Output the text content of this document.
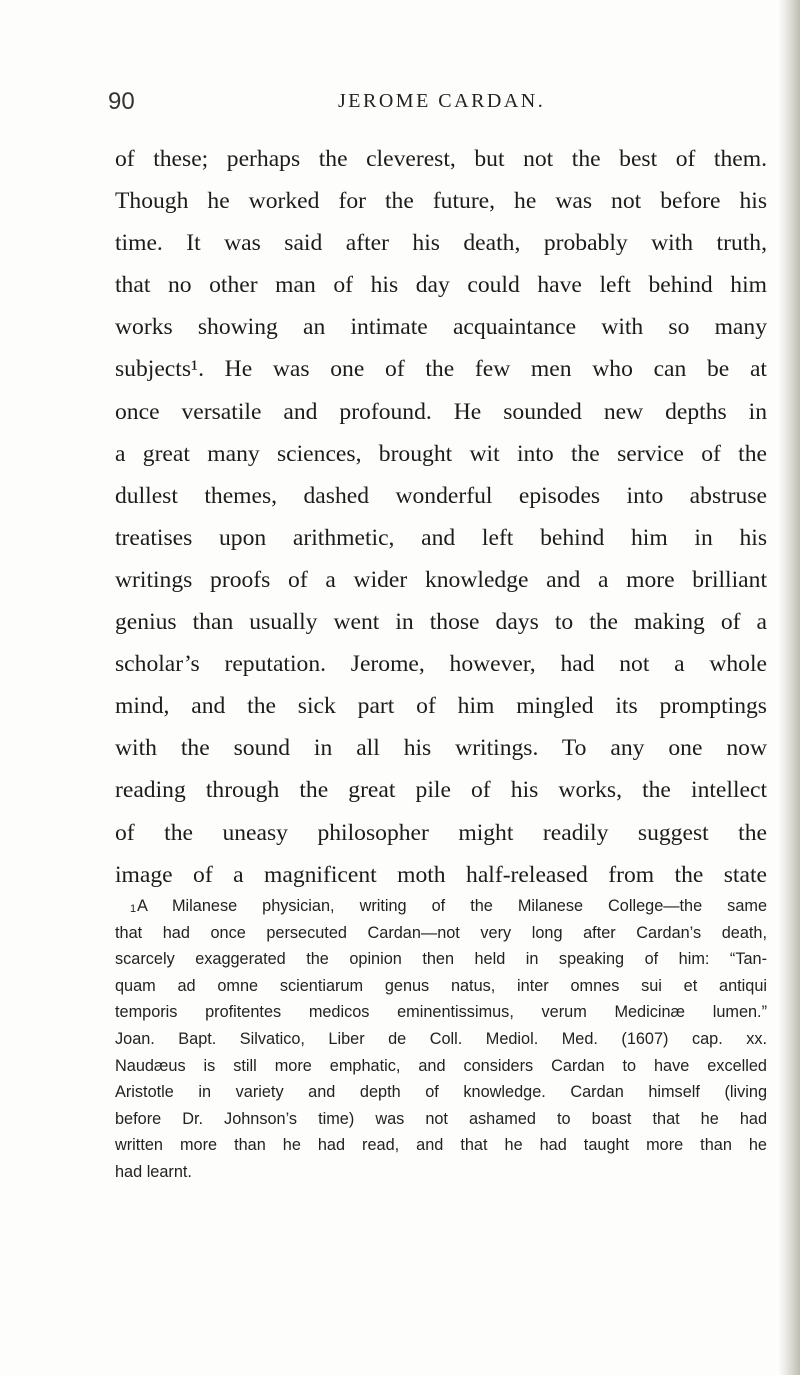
90	JEROME CARDAN.
of these; perhaps the cleverest, but not the best of them.
Though he worked for the future, he was not before his
time. It was said after his death, probably with truth,
that no other man of his day could have left behind him
works showing an intimate acquaintance with so many
subjects¹. He was one of the few men who can be at
once versatile and profound. He sounded new depths in
a great many sciences, brought wit into the service of the
dullest themes, dashed wonderful episodes into abstruse
treatises upon arithmetic, and left behind him in his
writings proofs of a wider knowledge and a more brilliant
genius than usually went in those days to the making of a
scholar’s reputation. Jerome, however, had not a whole
mind, and the sick part of him mingled its promptings
with the sound in all his writings. To any one now
reading through the great pile of his works, the intellect
of the uneasy philosopher might readily suggest the
image of a magnificent moth half-released from the state
1 A Milanese physician, writing of the Milanese College—the same
that had once persecuted Cardan—not very long after Cardan’s death,
scarcely exaggerated the opinion then held in speaking of him: “Tan-
quam ad omne scientiarum genus natus, inter omnes sui et antiqui
temporis profitentes medicos eminentissimus, verum Medicinæ lumen.”
Joan. Bapt. Silvatico, Liber de Coll. Mediol. Med. (1607) cap. xx.
Naudæus is still more emphatic, and considers Cardan to have excelled
Aristotle in variety and depth of knowledge. Cardan himself (living
before Dr. Johnson’s time) was not ashamed to boast that he had
written more than he had read, and that he had taught more than he
had learnt.
